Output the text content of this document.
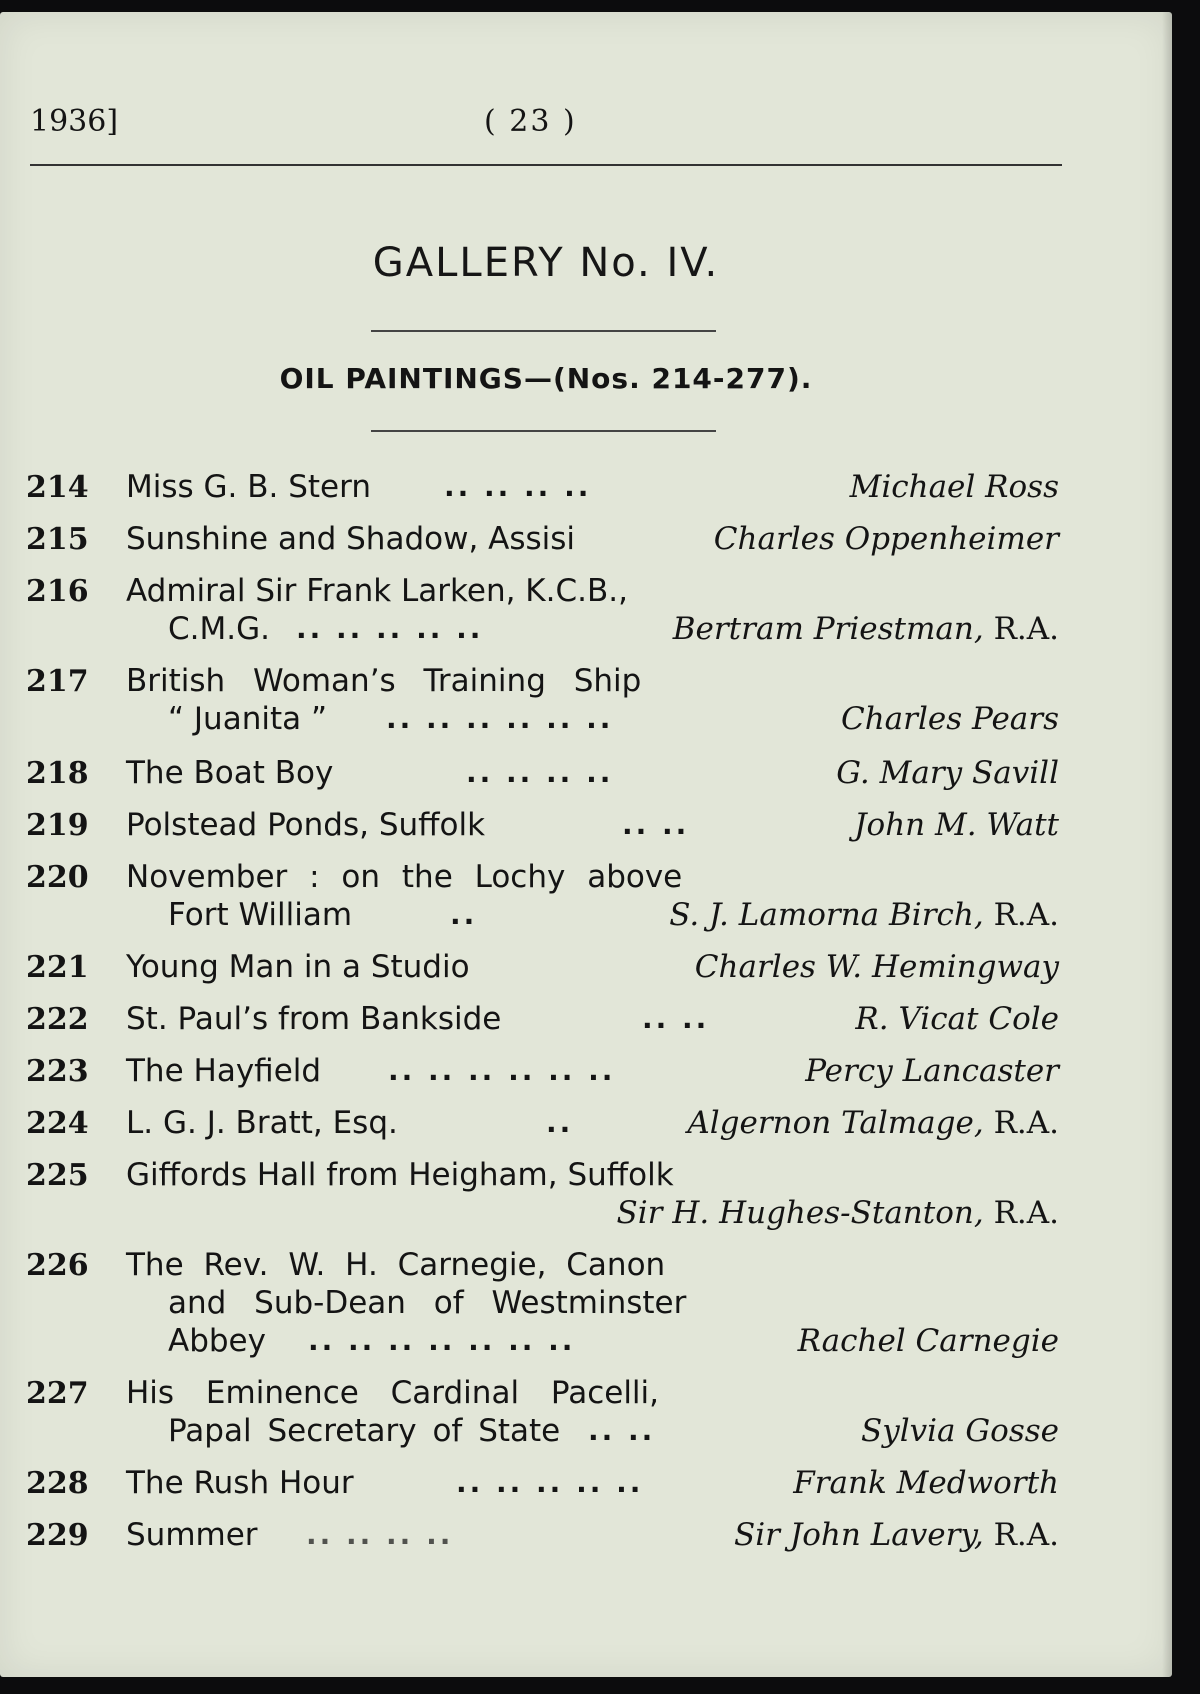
1936]	( 23 )
GALLERY No. IV.
OIL PAINTINGS—(Nos. 214-277).
214	Miss G. B. Stern	.. .. .. ..	Michael Ross
215	Sunshine and Shadow, Assisi	Charles Oppenheimer
216	Admiral Sir Frank Larken, K.C.B.,
C.M.G. .. .. .. .. ..	Bertram Priestman, R.A.
217	British Woman’s Training Ship
“ Juanita ” .. .. .. .. .. ..	Charles Pears
218	The Boat Boy	.. .. .. ..	G. Mary Savill
219	Polstead Ponds, Suffolk	.. ..	John M. Watt
220	November : on the Lochy above
Fort William	..	S. J. Lamorna Birch, R.A.
221	Young Man in a Studio	Charles W. Hemingway
222	St. Paul’s from Bankside	.. ..	R. Vicat Cole
223	The Hayfield .. .. .. .. .. ..	Percy Lancaster
224	L. G. J. Bratt, Esq.	..	Algernon Talmage, R.A.
225	Giffords Hall from Heigham, Suffolk
Sir H. Hughes-Stanton, R.A.
226	The Rev. W. H. Carnegie, Canon
and Sub-Dean of Westminster
Abbey .. .. .. .. .. .. ..	Rachel Carnegie
227	His Eminence Cardinal Pacelli,
Papal Secretary of State .. ..	Sylvia Gosse
228	The Rush Hour	.. .. .. .. ..	Frank Medworth
229	Summer .. .. .. ..	Sir John Lavery, R.A.
